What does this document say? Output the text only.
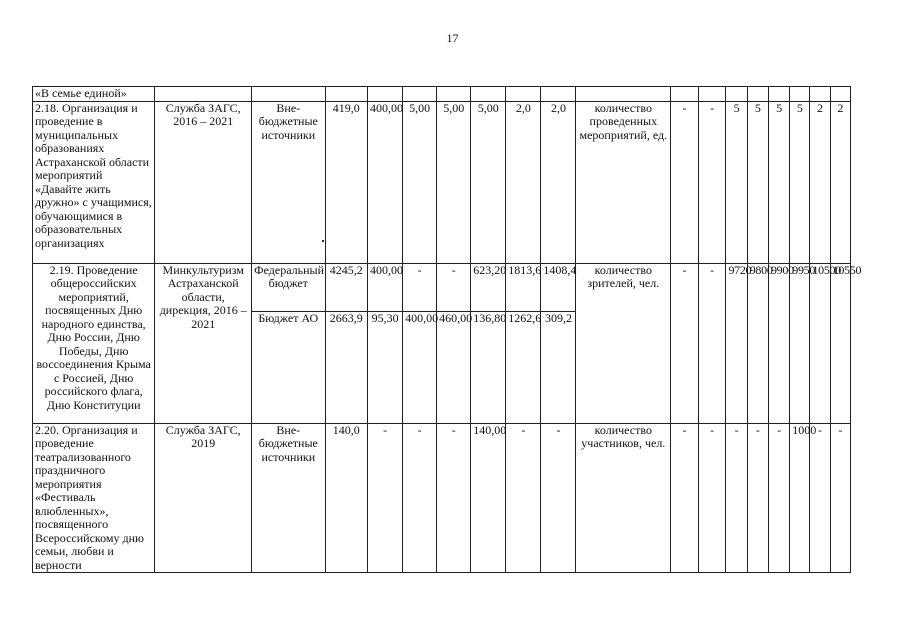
17
«В семье единой»																		
2.18. Организация и проведение в муниципальных образованиях Астраханской области мероприятий «Давайте жить дружно» с учащимися, обучающимися в образовательных организациях	Служба ЗАГС, 2016 – 2021	Вне-бюджетные источники	419,0	400,00	5,00	5,00	5,00	2,0	2,0	количество проведенных мероприятий, ед.	-	-	5	5	5	5	2	2
2.19. Проведение общероссийских мероприятий, посвященных Дню народного единства, Дню России, Дню Победы, Дню воссоединения Крыма с Россией, Дню российского флага, Дню Конституции	Минкультуризм Астраханской области, дирекция, 2016 – 2021	Федеральный бюджет	4245,2	400,00	-	-	623,20	1813,6	1408,4	количество зрителей, чел.	-	-	9720	9800	9900	9950	10500	10550
		Бюджет АО	2663,9	95,30	400,00	460,00	136,80	1262,6	309,2									
2.20. Организация и проведение театрализованного праздничного мероприятия «Фестиваль влюбленных», посвященного Всероссийскому дню семьи, любви и верности	Служба ЗАГС, 2019	Вне-бюджетные источники	140,0	-	-	-	140,00	-	-	количество участников, чел.	-	-	-	-	-	1000	-	-
